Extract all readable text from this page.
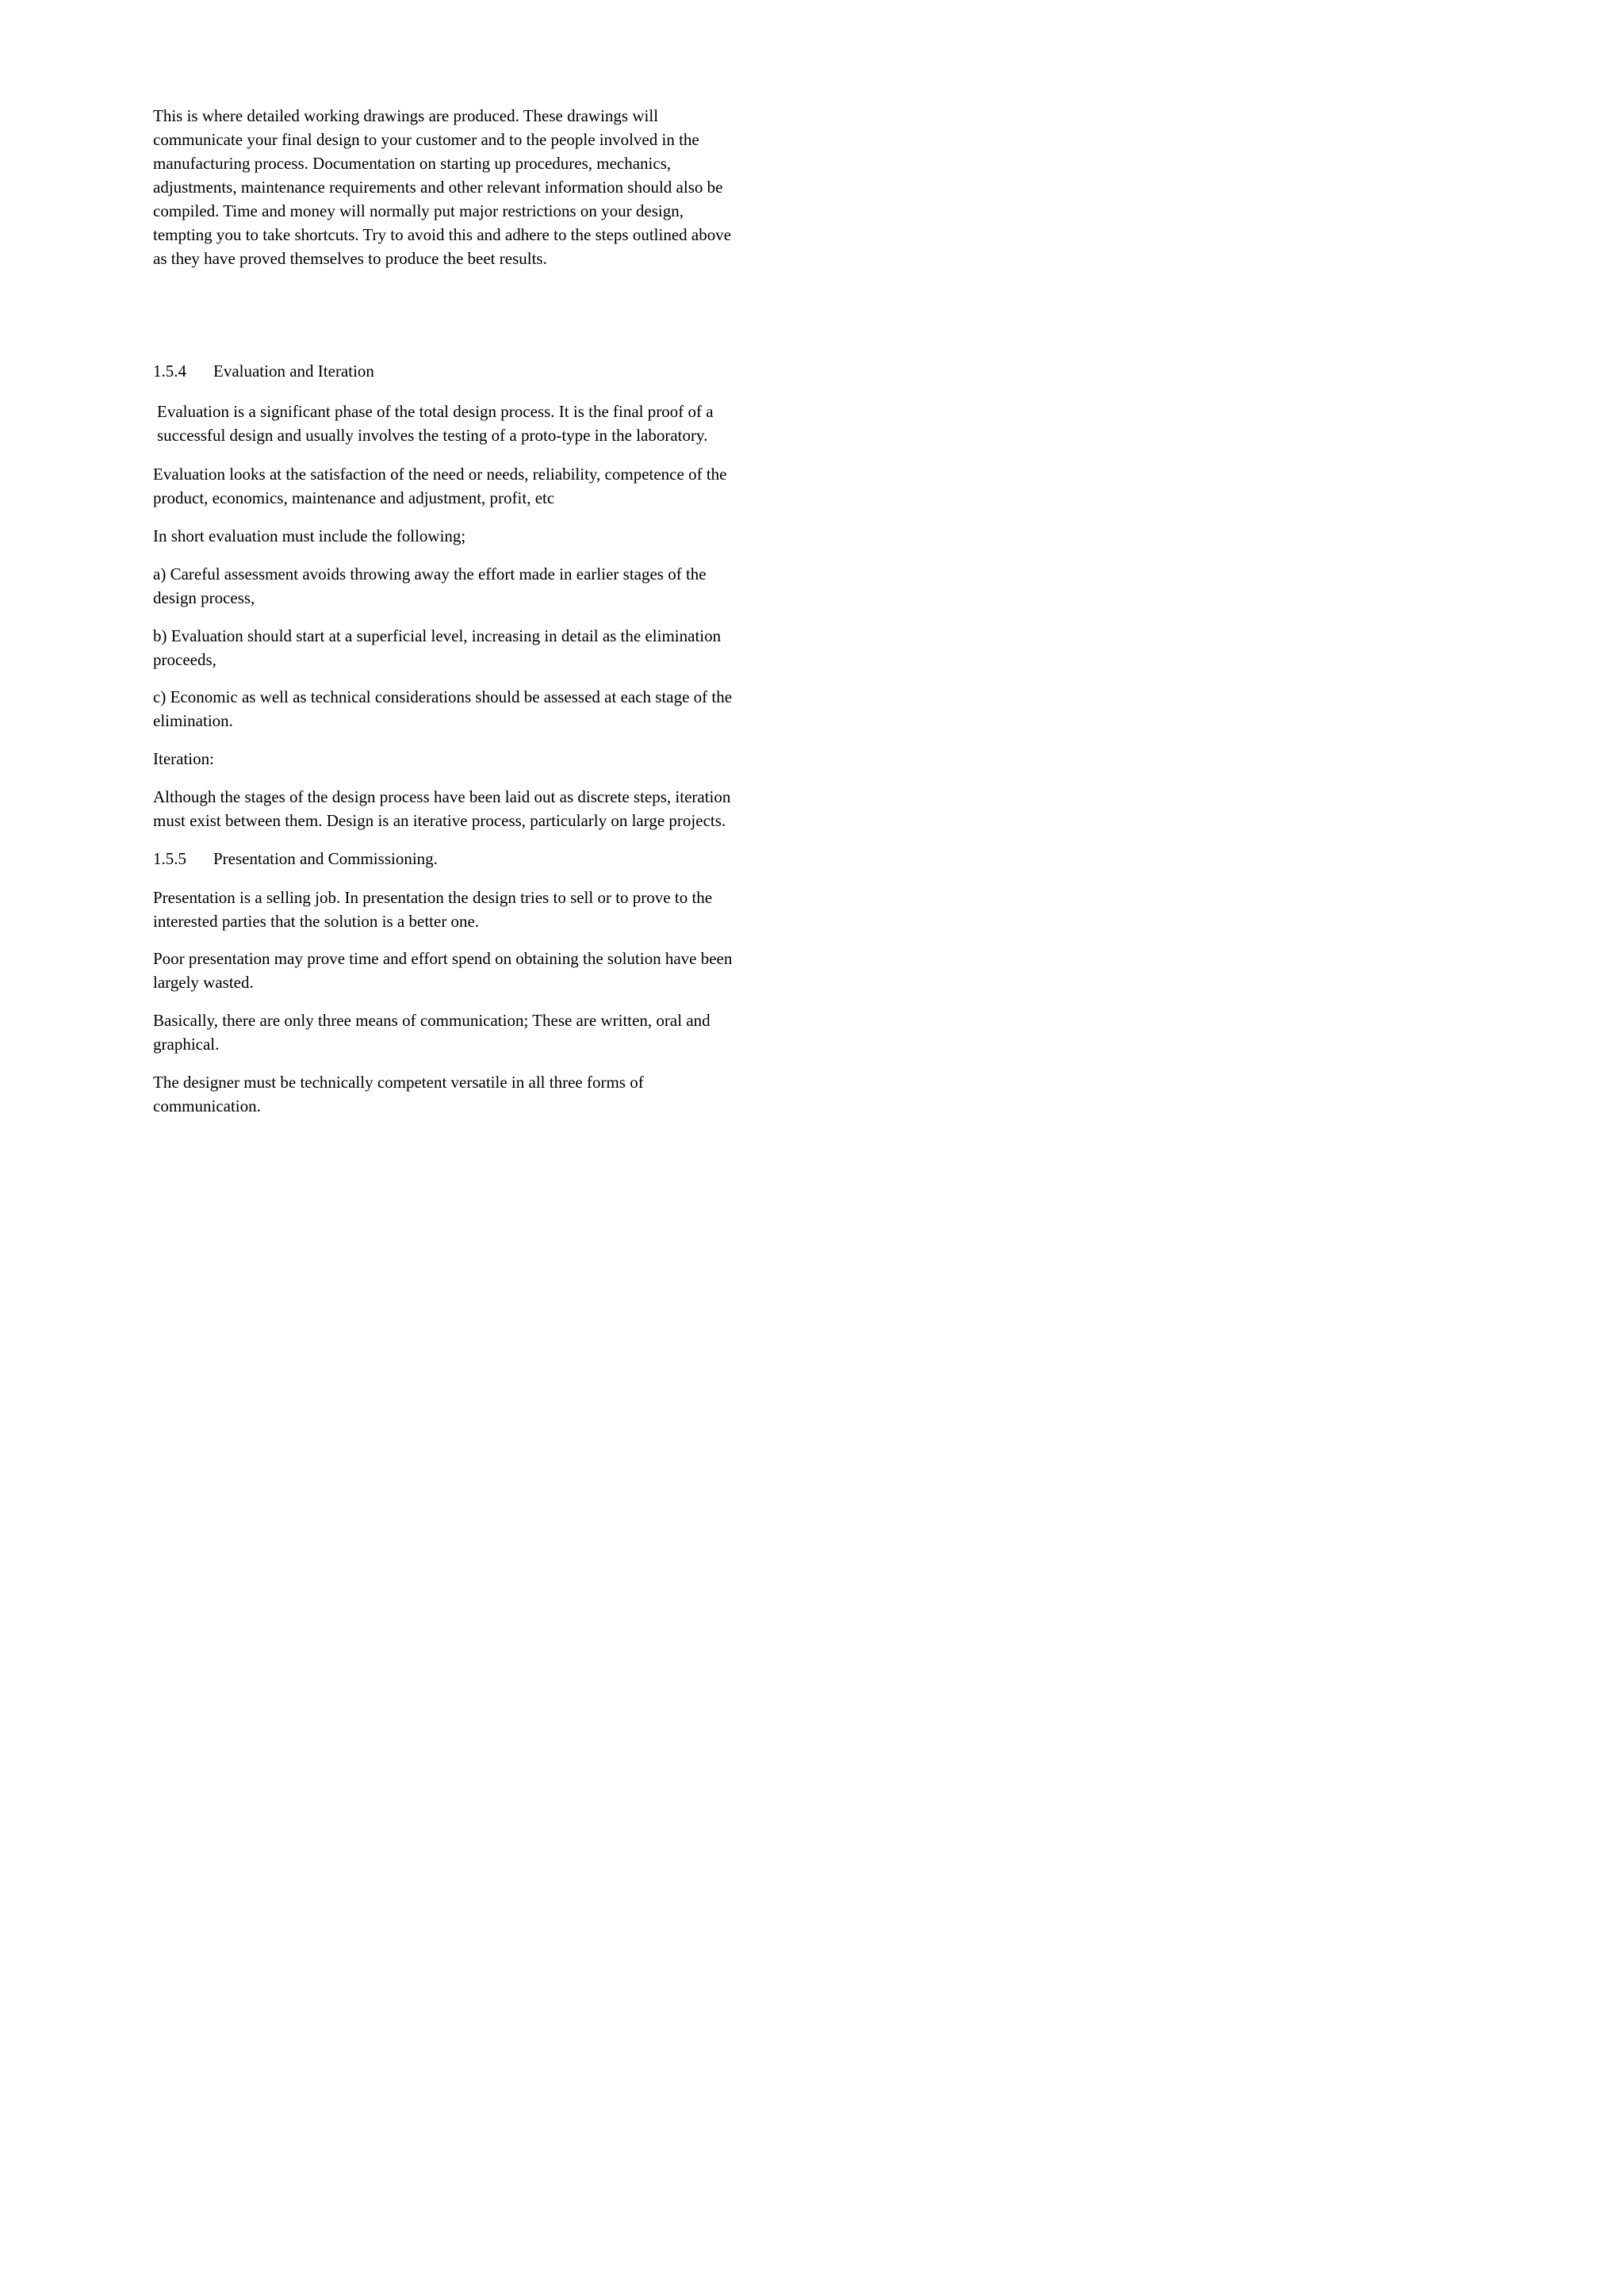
This is where detailed working drawings are produced. These drawings will
communicate your final design to your customer and to the people involved in the
manufacturing process. Documentation on starting up procedures, mechanics,
adjustments, maintenance requirements and other relevant information should also be
compiled. Time and money will normally put major restrictions on your design,
tempting you to take shortcuts. Try to avoid this and adhere to the steps outlined above
as they have proved themselves to produce the beet results.

1.5.4 Evaluation and Iteration

Evaluation is a significant phase of the total design process. It is the final proof of a
successful design and usually involves the testing of a proto-type in the laboratory.

Evaluation looks at the satisfaction of the need or needs, reliability, competence of the
product, economics, maintenance and adjustment, profit, etc

In short evaluation must include the following;

a) Careful assessment avoids throwing away the effort made in earlier stages of the
design process,

b) Evaluation should start at a superficial level, increasing in detail as the elimination
proceeds,

c) Economic as well as technical considerations should be assessed at each stage of the
elimination.

Iteration:

Although the stages of the design process have been laid out as discrete steps, iteration
must exist between them. Design is an iterative process, particularly on large projects.

1.5.5 Presentation and Commissioning.

Presentation is a selling job. In presentation the design tries to sell or to prove to the
interested parties that the solution is a better one.

Poor presentation may prove time and effort spend on obtaining the solution have been
largely wasted.

Basically, there are only three means of communication; These are written, oral and
graphical.

The designer must be technically competent versatile in all three forms of
communication.
